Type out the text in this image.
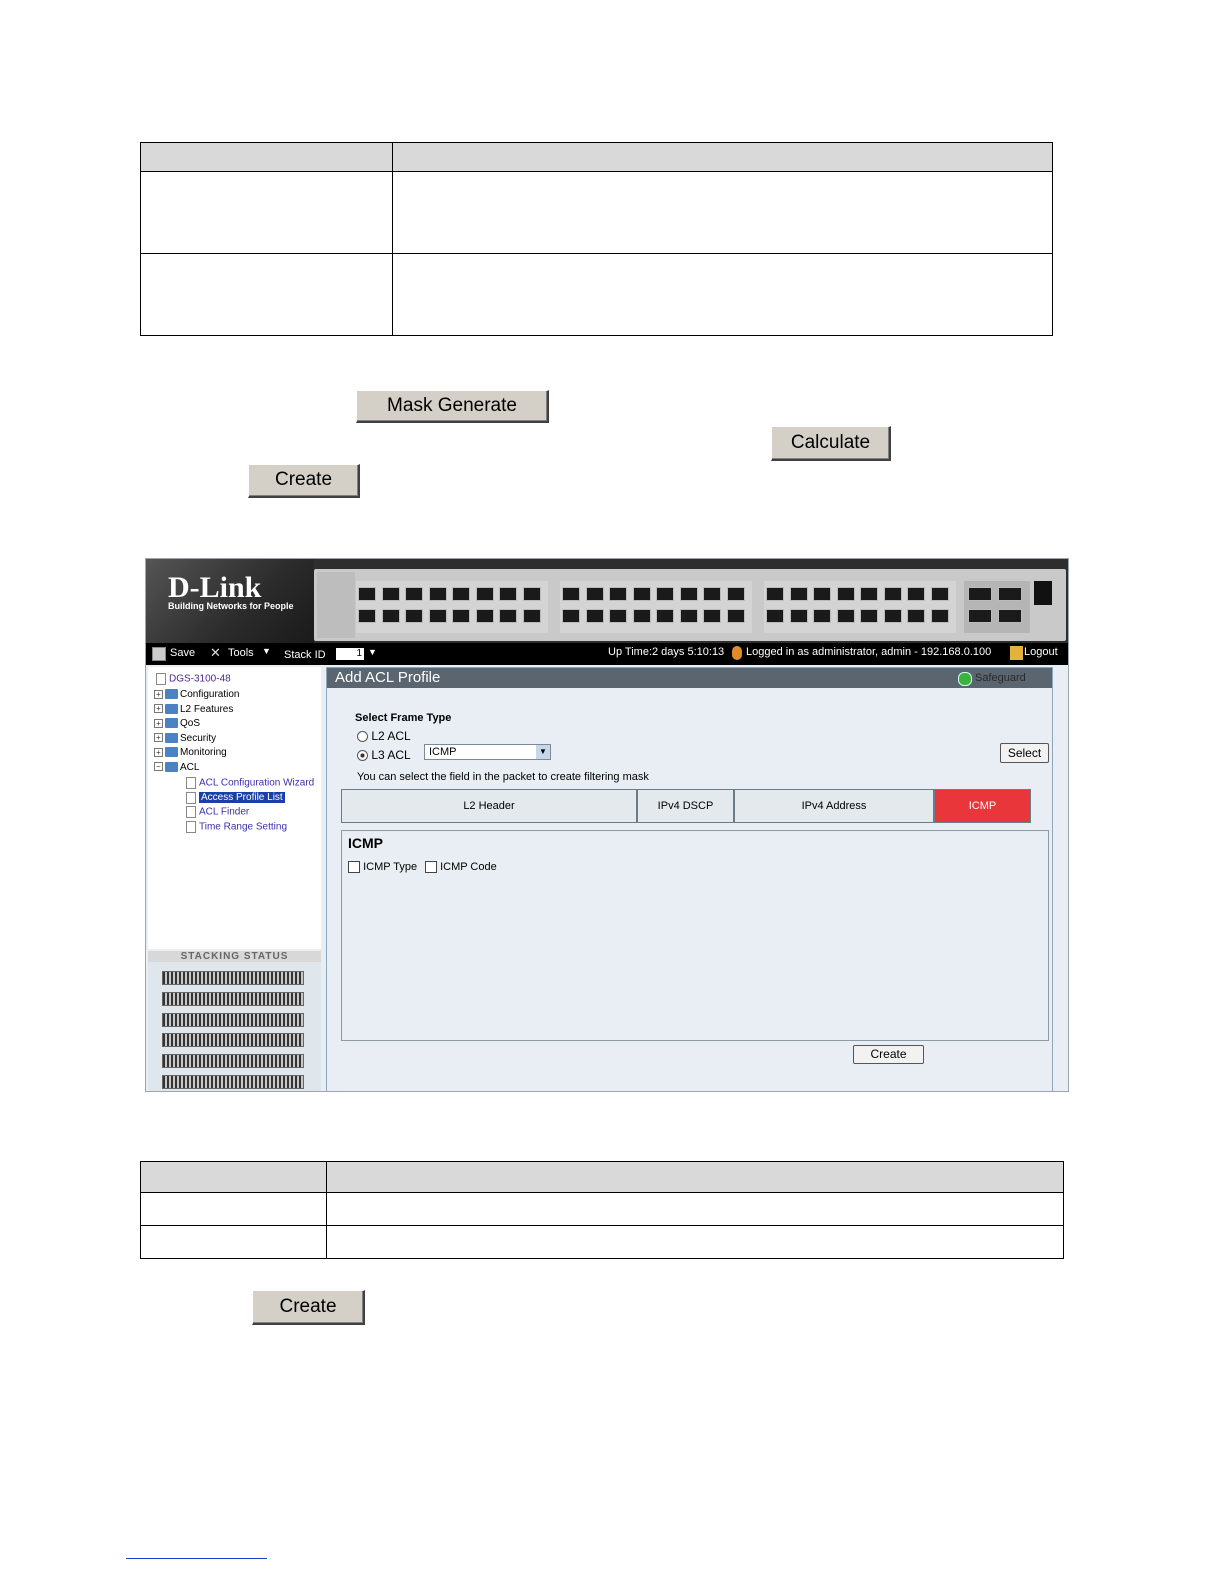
Mask Generate
Calculate
Create
D-Link
Building Networks for People
Save ✕ Tools ▼ Stack ID	1 ▼	Up Time:2 days 5:10:13 Logged in as administrator, admin - 192.168.0.100	Logout
DGS-3100-48
+ Configuration
+ L2 Features
+ QoS
+ Security
+ Monitoring
− ACL
ACL Configuration Wizard
Access Profile List
ACL Finder
Time Range Setting
STACKING STATUS
Add ACL Profile	Safeguard
Select Frame Type
L2 ACL
L3 ACL ICMP	▼	Select
You can select the field in the packet to create filtering mask
L2 Header	IPv4 DSCP	IPv4 Address	ICMP
ICMP
ICMP Type	ICMP Code
Create

Create
